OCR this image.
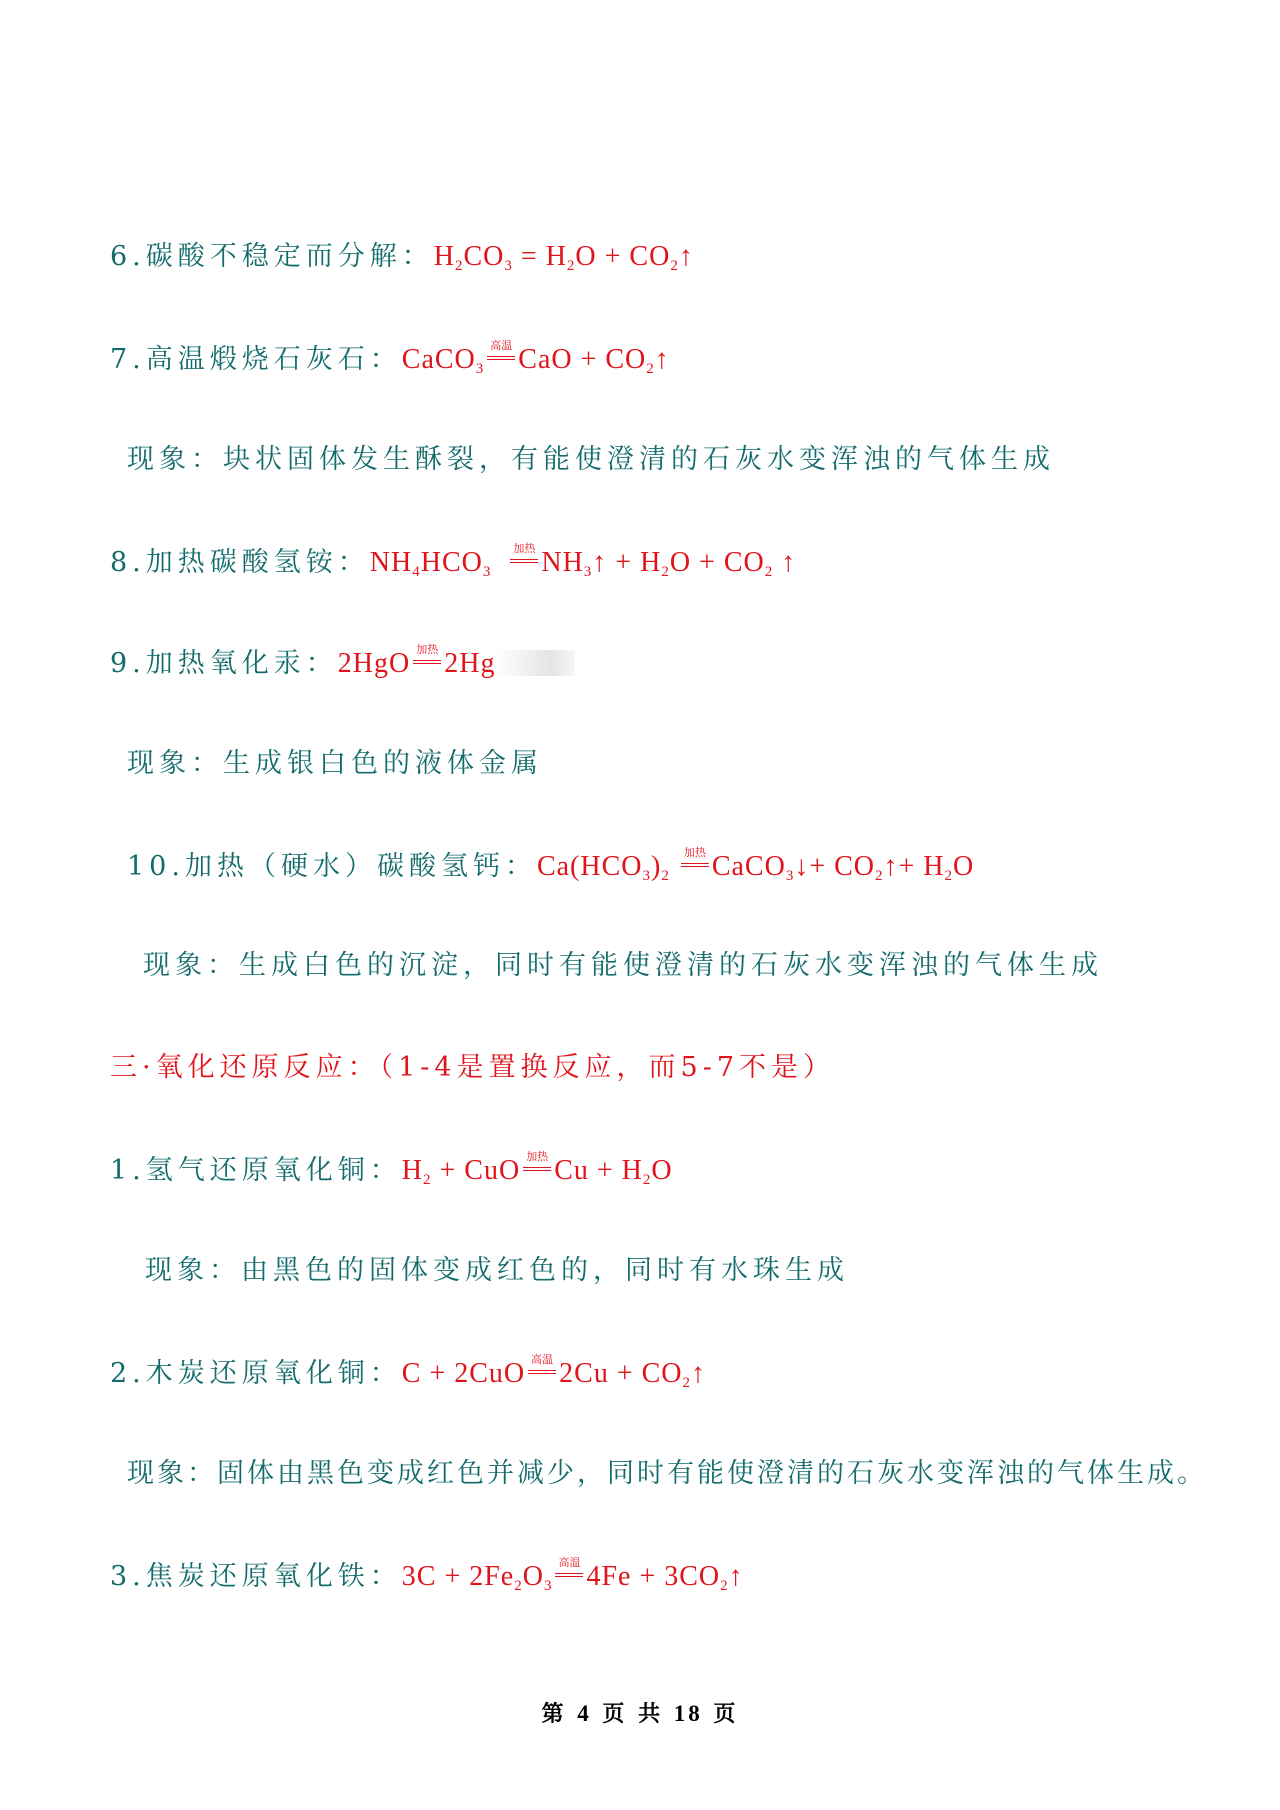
6.碳酸不稳定而分解：$H_2CO_3 = H_2O$ + $CO_2↑$
7.高温煅烧石灰石：CaCO$_3$
高温 CaO + $CO_2↑$
现象：块状固体发生酥裂，有能使澄清的石灰水变浑浊的气体生成
8.加热碳酸氢铵：$NH_4HCO_3$
加热 $NH_3↑ + H_2O + CO_2$ ↑
9.加热氧化汞：2HgO 加热 2Hg
现象：生成银白色的液体金属
10.加热（硬水）碳酸氢钙：$Ca(HCO_3)_2$
加热 CaCO$_3$↓+ $CO_2↑+ H_2O$
现象：生成白色的沉淀，同时有能使澄清的石灰水变浑浊的气体生成
三·氧化还原反应：（1-4是置换反应，而5-7不是）
1.氢气还原氧化铜：$H_2$ + CuO 加热 $Cu + H_2O$
现象：由黑色的固体变成红色的，同时有水珠生成
2.木炭还原氧化铜：C + 2CuO 高温 $2Cu + CO_2↑$
现象：固体由黑色变成红色并减少，同时有能使澄清的石灰水变浑浊的气体生成。
3.焦炭还原氧化铁：$3C + 2Fe_2O_3$
高温 $4Fe + 3CO_2↑$
第 4 页 共 18 页
